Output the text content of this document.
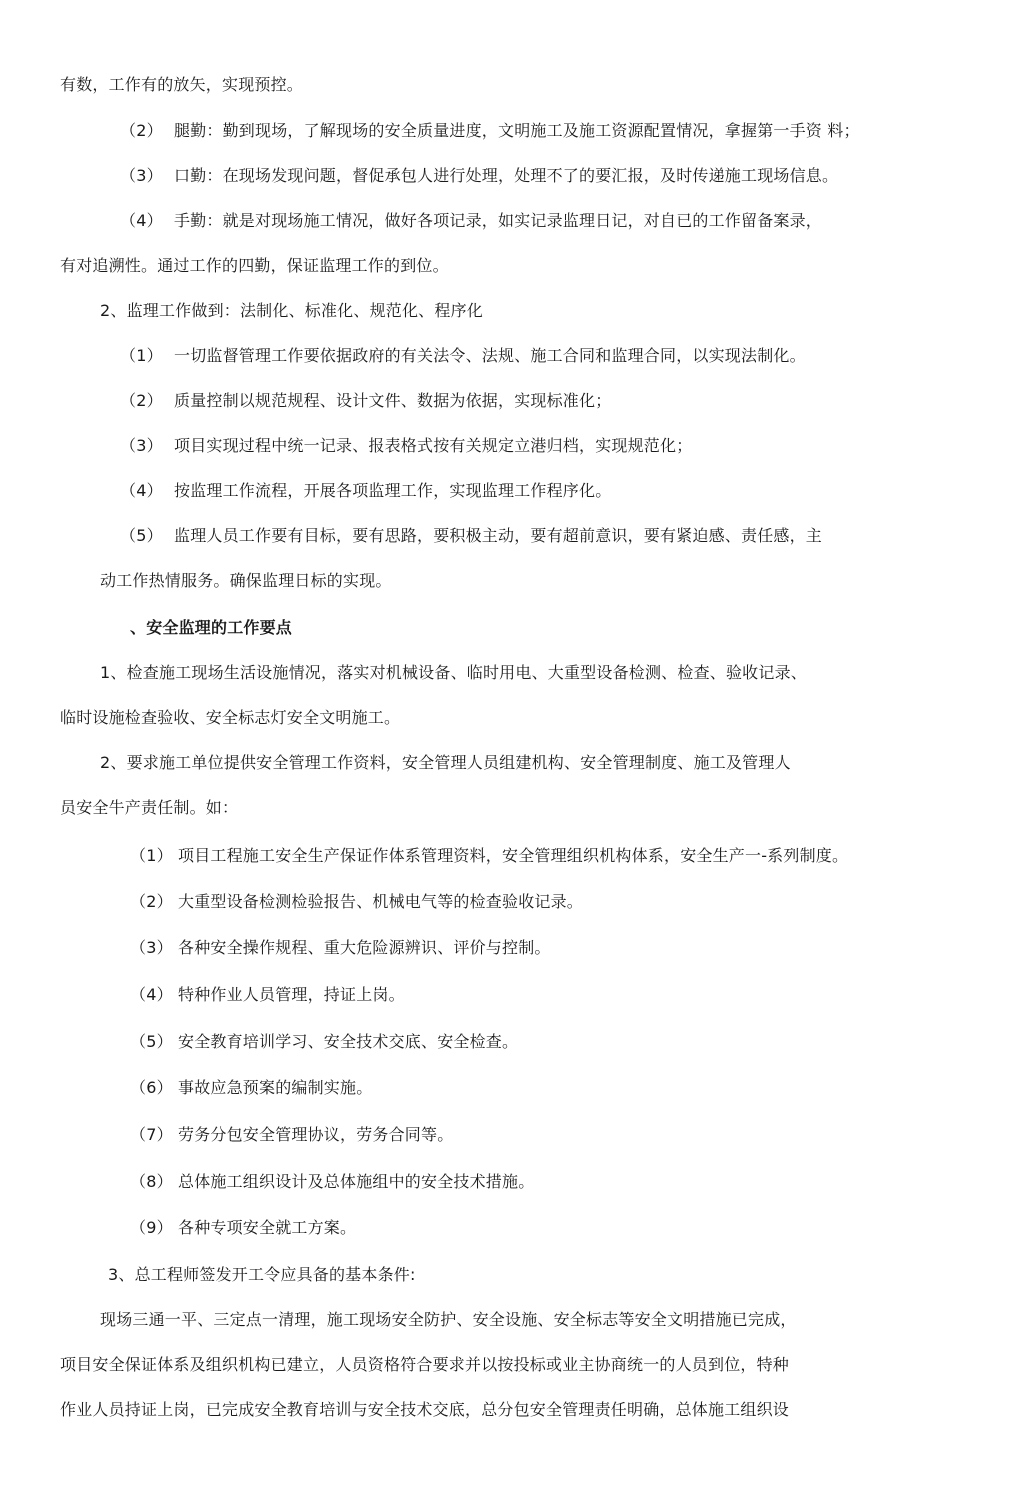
有数，工作有的放矢，实现预控。
（2） 腿勤：勤到现场，了解现场的安全质量进度，文明施工及施工资源配置情况，拿握第一手资 料；
（3） 口勤：在现场发现问题，督促承包人进行处理，处理不了的要汇报，及时传递施工现场信息。
（4） 手勤：就是对现场施工情况，做好各项记录，如实记录监理日记，对自已的工作留备案录，
有对追溯性。通过工作的四勤，保证监理工作的到位。
2、监理工作做到：法制化、标准化、规范化、程序化
（1） 一切监督管理工作要依据政府的有关法令、法规、施工合同和监理合同，以实现法制化。
（2） 质量控制以规范规程、设计文件、数据为依据，实现标准化；
（3） 项目实现过程中统一记录、报表格式按有关规定立港归档，实现规范化；
（4） 按监理工作流程，开展各项监理工作，实现监理工作程序化。
（5） 监理人员工作要有目标，要有思路，要积极主动，要有超前意识，要有紧迫感、责任感，主
动工作热情服务。确保监理日标的实现。
、安全监理的工作要点
1、检查施工现场生活设施情况，落实对机械设备、临时用电、大重型设备检测、检查、验收记录、
临时设施检查验收、安全标志灯安全文明施工。
2、要求施工单位提供安全管理工作资料，安全管理人员组建机构、安全管理制度、施工及管理人
员安全牛产责任制。如：
（1） 项目工程施工安全生产保证作体系管理资料，安全管理组织机构体系，安全生产一-系列制度。
（2） 大重型设备检测检验报告、机械电气等的检查验收记录。
（3） 各种安全操作规程、重大危险源辨识、评价与控制。
（4） 特种作业人员管理，持证上岗。
（5） 安全教育培训学习、安全技术交底、安全检查。
（6） 事故应急预案的编制实施。
（7） 劳务分包安全管理协议，劳务合同等。
（8） 总体施工组织设计及总体施组中的安全技术措施。
（9） 各种专项安全就工方案。
3、总工程师签发开工令应具备的基本条件:
现场三通一平、三定点一清理，施工现场安全防护、安全设施、安全标志等安全文明措施已完成，
项目安全保证体系及组织机构已建立，人员资格符合要求并以按投标或业主协商统一的人员到位，特种
作业人员持证上岗，已完成安全教育培训与安全技术交底，总分包安全管理责任明确，总体施工组织设
